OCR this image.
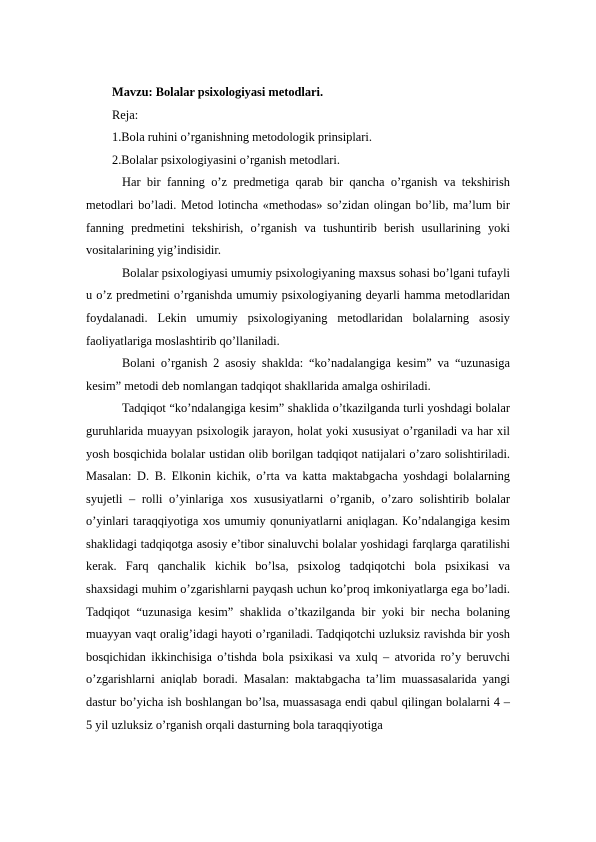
Mavzu: Bolalar psixologiyasi metodlari.
Reja:
1.Bola ruhini o’rganishning metodologik prinsiplari.
2.Bolalar psixologiyasini o’rganish metodlari.

Har bir fanning o’z predmetiga qarab bir qancha o’rganish va tekshirish metodlari bo’ladi. Metod lotincha «methodas» so’zidan olingan bo’lib, ma’lum bir fanning predmetini tekshirish, o’rganish va tushuntirib berish usullarining yoki vositalarining yig’indisidir.

Bolalar psixologiyasi umumiy psixologiyaning maxsus sohasi bo’lgani tufayli u o’z predmetini o’rganishda umumiy psixologiyaning deyarli hamma metodlaridan foydalanadi. Lekin umumiy psixologiyaning metodlaridan bolalarning asosiy faoliyatlariga moslashtirib qo’llaniladi.

Bolani o’rganish 2 asosiy shaklda: “ko’nadalangiga kesim” va “uzunasiga kesim” metodi deb nomlangan tadqiqot shakllarida amalga oshiriladi.

Tadqiqot “ko’ndalangiga kesim” shaklida o’tkazilganda turli yoshdagi bolalar guruhlarida muayyan psixologik jarayon, holat yoki xususiyat o’rganiladi va har xil yosh bosqichida bolalar ustidan olib borilgan tadqiqot natijalari o’zaro solishtiriladi. Masalan: D. B. Elkonin kichik, o’rta va katta maktabgacha yoshdagi bolalarning syujetli – rolli o’yinlariga xos xususiyatlarni o’rganib, o’zaro solishtirib bolalar o’yinlari taraqqiyotiga xos umumiy qonuniyatlarni aniqlagan. Ko’ndalangiga kesim shaklidagi tadqiqotga asosiy e’tibor sinaluvchi bolalar yoshidagi farqlarga qaratilishi kerak. Farq qanchalik kichik bo’lsa, psixolog tadqiqotchi bola psixikasi va shaxsidagi muhim o’zgarishlarni payqash uchun ko’proq imkoniyatlarga ega bo’ladi. Tadqiqot “uzunasiga kesim” shaklida o’tkazilganda bir yoki bir necha bolaning muayyan vaqt oralig’idagi hayoti o’rganiladi. Tadqiqotchi uzluksiz ravishda bir yosh bosqichidan ikkinchisiga o’tishda bola psixikasi va xulq – atvorida ro’y beruvchi o’zgarishlarni aniqlab boradi. Masalan: maktabgacha ta’lim muassasalarida yangi dastur bo’yicha ish boshlangan bo’lsa, muassasaga endi qabul qilingan bolalarni 4 – 5 yil uzluksiz o’rganish orqali dasturning bola taraqqiyotiga
